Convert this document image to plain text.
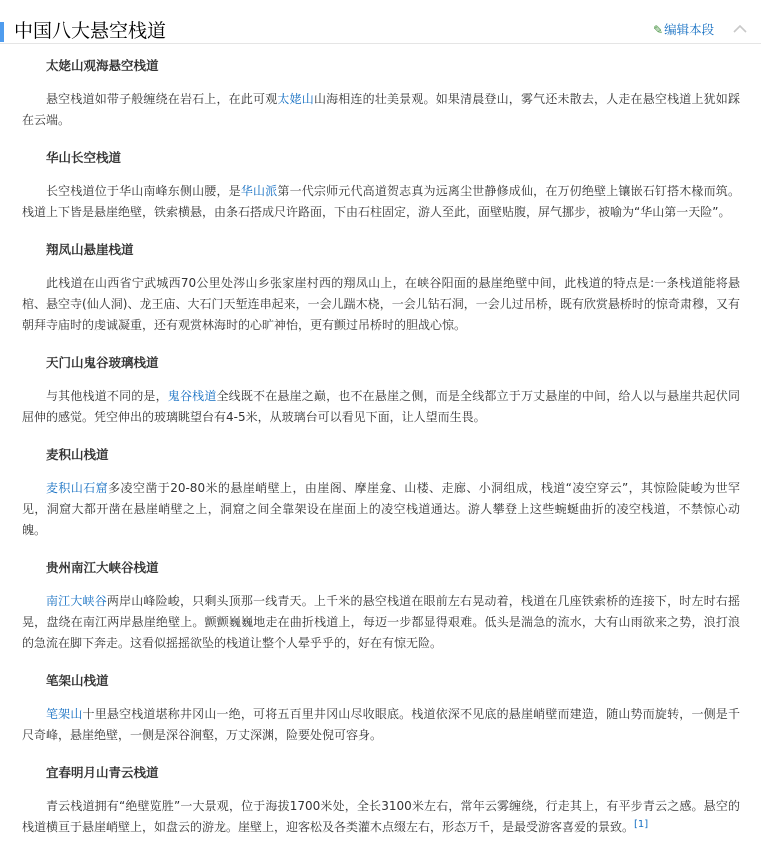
中国八大悬空栈道	✎编辑本段
太姥山观海悬空栈道

悬空栈道如带子般缠绕在岩石上，在此可观太姥山山海相连的壮美景观。如果清晨登山，雾气还未散去，人走在悬空栈道上犹如踩在云端。

华山长空栈道

长空栈道位于华山南峰东侧山腰，是华山派第一代宗师元代高道贺志真为远离尘世静修成仙，在万仞绝壁上镶嵌石钉搭木椽而筑。栈道上下皆是悬崖绝壁，铁索横悬，由条石搭成尺许路面，下由石柱固定，游人至此，面壁贴腹，屏气挪步，被喻为“华山第一天险”。

翔凤山悬崖栈道

此栈道在山西省宁武城西70公里处涔山乡张家崖村西的翔凤山上，在峡谷阳面的悬崖绝壁中间，此栈道的特点是:一条栈道能将悬棺、悬空寺(仙人洞)、龙王庙、大石门天堑连串起来，一会儿踹木桡，一会儿钻石洞，一会儿过吊桥，既有欣赏悬桥时的惊奇肃穆，又有朝拜寺庙时的虔诚凝重，还有观赏林海时的心旷神怡，更有颤过吊桥时的胆战心惊。

天门山鬼谷玻璃栈道

与其他栈道不同的是，鬼谷栈道全线既不在悬崖之巅，也不在悬崖之侧，而是全线都立于万丈悬崖的中间，给人以与悬崖共起伏同屈伸的感觉。凭空伸出的玻璃眺望台有4-5米，从玻璃台可以看见下面，让人望而生畏。

麦积山栈道

麦积山石窟多凌空凿于20-80米的悬崖峭壁上，由崖阁、摩崖龛、山楼、走廊、小洞组成，栈道“凌空穿云”，其惊险陡峻为世罕见，洞窟大都开凿在悬崖峭壁之上，洞窟之间全靠架设在崖面上的凌空栈道通达。游人攀登上这些蜿蜒曲折的凌空栈道，不禁惊心动魄。

贵州南江大峡谷栈道

南江大峡谷两岸山峰险峻，只剩头顶那一线青天。上千米的悬空栈道在眼前左右晃动着，栈道在几座铁索桥的连接下，时左时右摇晃，盘绕在南江两岸悬崖绝壁上。颤颤巍巍地走在曲折栈道上，每迈一步都显得艰难。低头是湍急的流水，大有山雨欲来之势，浪打浪的急流在脚下奔走。这看似摇摇欲坠的栈道让整个人晕乎乎的，好在有惊无险。

笔架山栈道

笔架山十里悬空栈道堪称井冈山一绝，可将五百里井冈山尽收眼底。栈道依深不见底的悬崖峭壁而建造，随山势而旋转，一侧是千尺奇峰，悬崖绝壁，一侧是深谷涧壑，万丈深渊，险要处倪可容身。

宜春明月山青云栈道

青云栈道拥有“绝壁览胜”一大景观，位于海拔1700米处，全长3100米左右，常年云雾缠绕，行走其上，有平步青云之感。悬空的栈道横亘于悬崖峭壁上，如盘云的游龙。崖壁上，迎客松及各类灌木点缀左右，形态万千，是最受游客喜爱的景致。[1]
